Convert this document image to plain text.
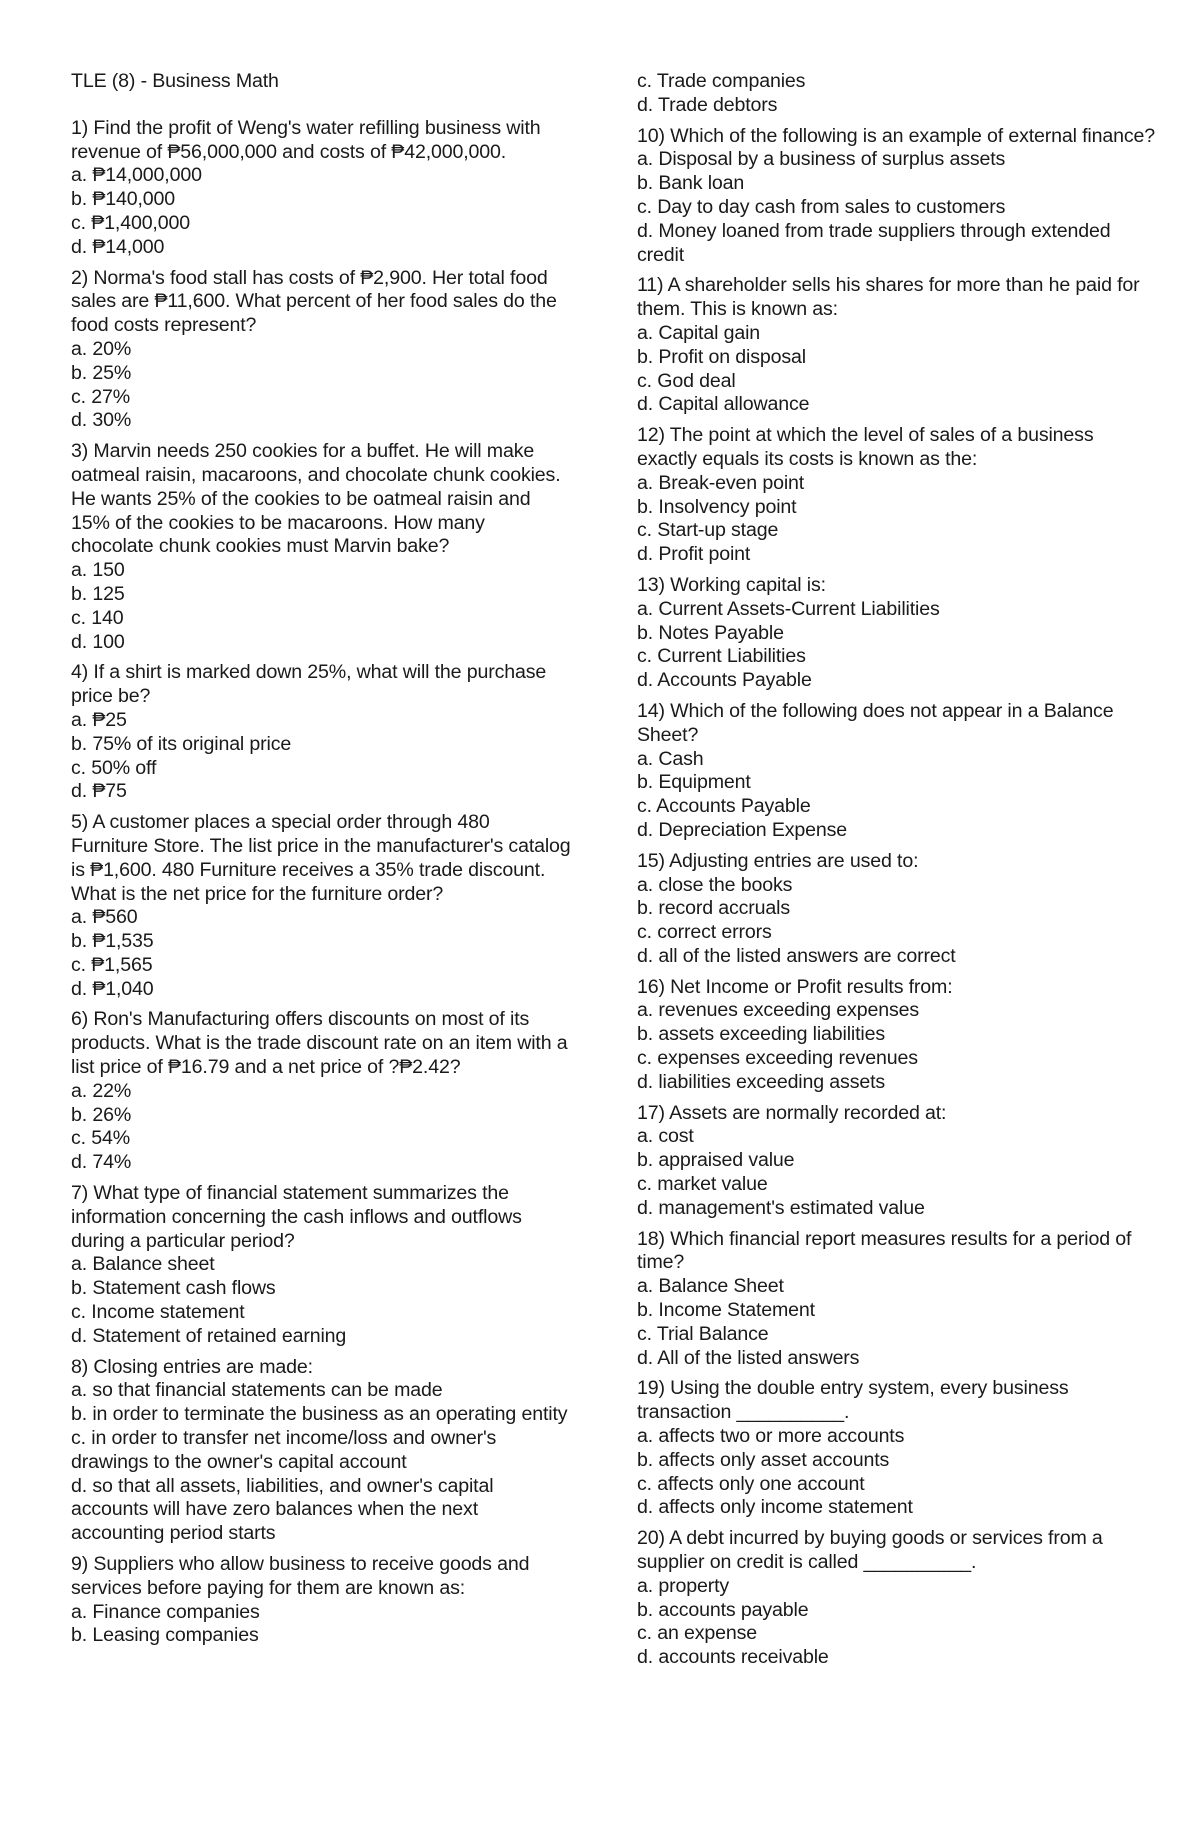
TLE (8) - Business Math
1) Find the profit of Weng's water refilling business with revenue of ₱56,000,000 and costs of ₱42,000,000.
a. ₱14,000,000
b. ₱140,000
c. ₱1,400,000
d. ₱14,000
2) Norma's food stall has costs of ₱2,900. Her total food sales are ₱11,600. What percent of her food sales do the food costs represent?
a. 20%
b. 25%
c. 27%
d. 30%
3) Marvin needs 250 cookies for a buffet. He will make oatmeal raisin, macaroons, and chocolate chunk cookies. He wants 25% of the cookies to be oatmeal raisin and 15% of the cookies to be macaroons. How many chocolate chunk cookies must Marvin bake?
a. 150
b. 125
c. 140
d. 100
4) If a shirt is marked down 25%, what will the purchase price be?
a. ₱25
b. 75% of its original price
c. 50% off
d. ₱75
5) A customer places a special order through 480 Furniture Store. The list price in the manufacturer's catalog is ₱1,600. 480 Furniture receives a 35% trade discount. What is the net price for the furniture order?
a. ₱560
b. ₱1,535
c. ₱1,565
d. ₱1,040
6) Ron's Manufacturing offers discounts on most of its products. What is the trade discount rate on an item with a list price of ₱16.79 and a net price of ?₱2.42?
a. 22%
b. 26%
c. 54%
d. 74%
7) What type of financial statement summarizes the information concerning the cash inflows and outflows during a particular period?
a. Balance sheet
b. Statement cash flows
c. Income statement
d. Statement of retained earning
8) Closing entries are made:
a. so that financial statements can be made
b. in order to terminate the business as an operating entity
c. in order to transfer net income/loss and owner's drawings to the owner's capital account
d. so that all assets, liabilities, and owner's capital accounts will have zero balances when the next accounting period starts
9) Suppliers who allow business to receive goods and services before paying for them are known as:
a. Finance companies
b. Leasing companies
c. Trade companies
d. Trade debtors
10) Which of the following is an example of external finance?
a. Disposal by a business of surplus assets
b. Bank loan
c. Day to day cash from sales to customers
d. Money loaned from trade suppliers through extended credit
11) A shareholder sells his shares for more than he paid for them. This is known as:
a. Capital gain
b. Profit on disposal
c. God deal
d. Capital allowance
12) The point at which the level of sales of a business exactly equals its costs is known as the:
a. Break-even point
b. Insolvency point
c. Start-up stage
d. Profit point
13) Working capital is:
a. Current Assets-Current Liabilities
b. Notes Payable
c. Current Liabilities
d. Accounts Payable
14) Which of the following does not appear in a Balance Sheet?
a. Cash
b. Equipment
c. Accounts Payable
d. Depreciation Expense
15) Adjusting entries are used to:
a. close the books
b. record accruals
c. correct errors
d. all of the listed answers are correct
16) Net Income or Profit results from:
a. revenues exceeding expenses
b. assets exceeding liabilities
c. expenses exceeding revenues
d. liabilities exceeding assets
17) Assets are normally recorded at:
a. cost
b. appraised value
c. market value
d. management's estimated value
18) Which financial report measures results for a period of time?
a. Balance Sheet
b. Income Statement
c. Trial Balance
d. All of the listed answers
19) Using the double entry system, every business transaction __________.
a. affects two or more accounts
b. affects only asset accounts
c. affects only one account
d. affects only income statement
20) A debt incurred by buying goods or services from a supplier on credit is called __________.
a. property
b. accounts payable
c. an expense
d. accounts receivable
